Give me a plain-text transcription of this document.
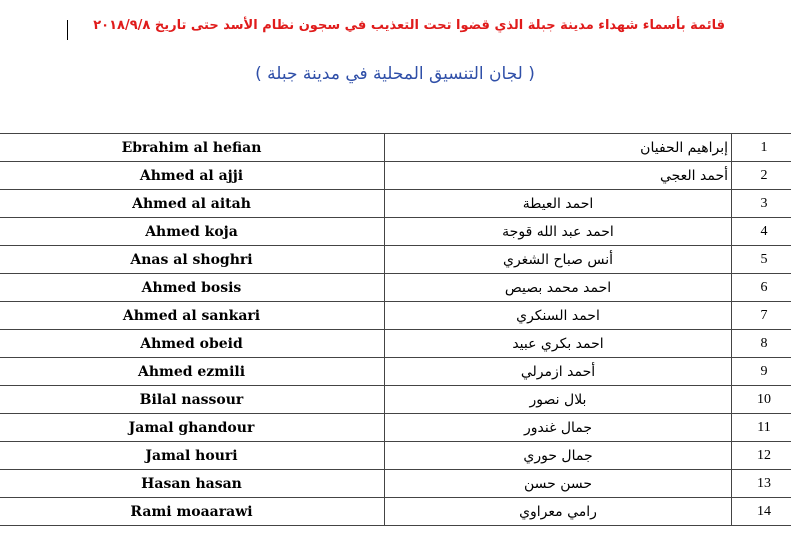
قائمة بأسماء شهداء مدينة جبلة الذي قضوا تحت التعذيب في سجون نظام الأسد حتى تاريخ ٢٠١٨/٩/٨
( لجان التنسيق المحلية في مدينة جبلة )
Ebrahim al hefian	إبراهيم الحفيان	1
Ahmed al ajji	أحمد العجي	2
Ahmed al aitah	احمد العيطة	3
Ahmed koja	احمد عبد الله قوجة	4
Anas al shoghri	أنس صباح الشغري	5
Ahmed bosis	احمد محمد بصيص	6
Ahmed al sankari	احمد السنكري	7
Ahmed obeid	احمد بكري عبيد	8
Ahmed ezmili	أحمد ازمرلي	9
Bilal nassour	بلال نصور	10
Jamal ghandour	جمال غندور	11
Jamal houri	جمال حوري	12
Hasan hasan	حسن حسن	13
Rami moaarawi	رامي معراوي	14
